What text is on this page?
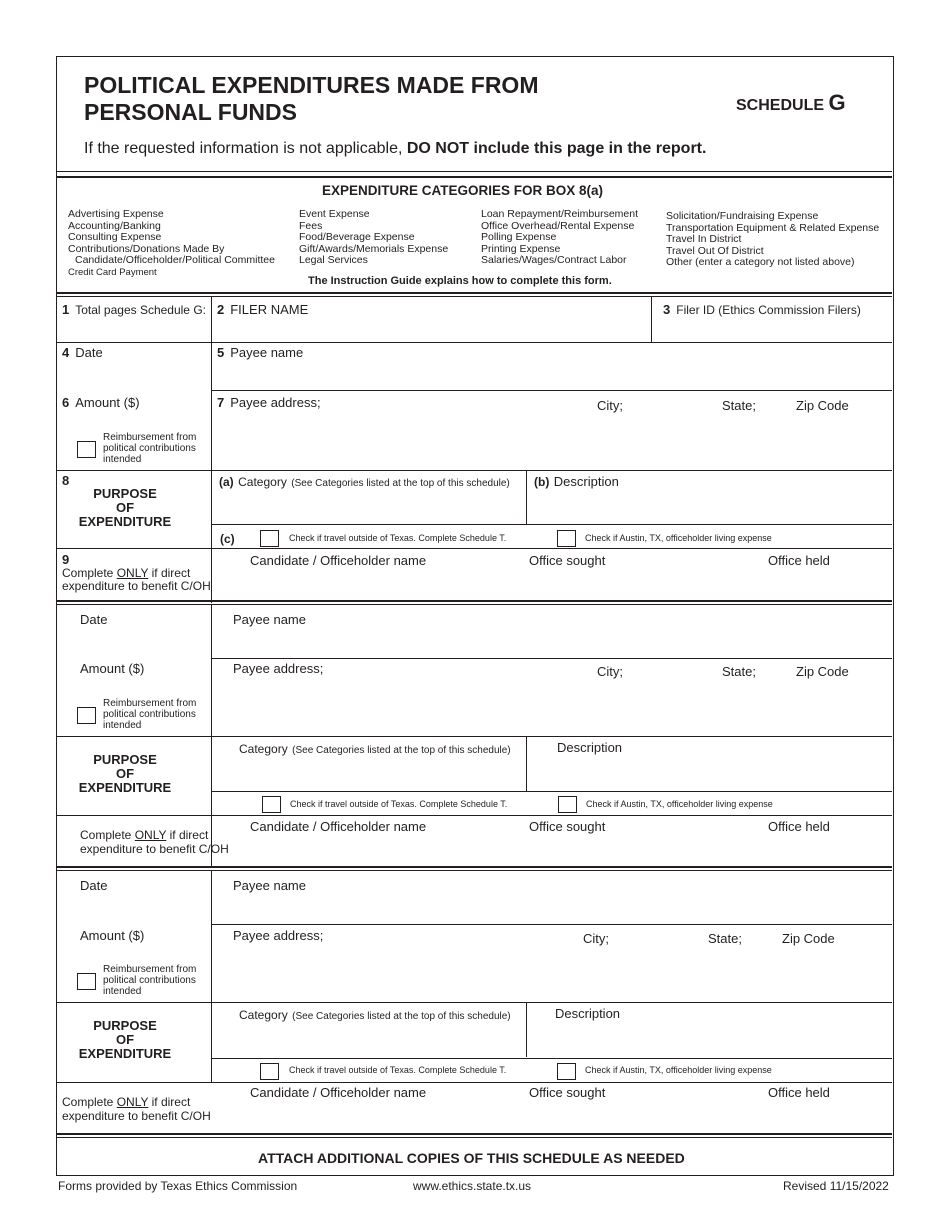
POLITICAL EXPENDITURES MADE FROM
PERSONAL FUNDS	SCHEDULE G
If the requested information is not applicable, DO NOT include this page in the report.
EXPENDITURE CATEGORIES FOR BOX 8(a)
Advertising Expense
Accounting/Banking
Consulting Expense
Contributions/Donations Made By
Candidate/Officeholder/Political Committee
Credit Card Payment
Event Expense
Fees
Food/Beverage Expense
Gift/Awards/Memorials Expense
Legal Services
Loan Repayment/Reimbursement
Office Overhead/Rental Expense
Polling Expense
Printing Expense
Salaries/Wages/Contract Labor
Solicitation/Fundraising Expense
Transportation Equipment & Related Expense
Travel In District
Travel Out Of District
Other (enter a category not listed above)
The Instruction Guide explains how to complete this form.
1 Total pages Schedule G: 2 FILER NAME	3 Filer ID (Ethics Commission Filers)
4 Date	5 Payee name
6 Amount ($)
Reimbursement from
political contributions
intended
7 Payee address;	City;	State;	Zip Code
8
PURPOSE
OF
EXPENDITURE
(a) Category (See Categories listed at the top of this schedule) (b) Description
(c)	Check if travel outside of Texas. Complete Schedule T.	Check if Austin, TX, officeholder living expense
9
Complete ONLY if direct
expenditure to benefit C/OH
Candidate / Officeholder name	Office sought	Office held
Date	Payee name
Amount ($)
Reimbursement from
political contributions
intended
Payee address;	City;	State;	Zip Code
PURPOSE
OF
EXPENDITURE
Category (See Categories listed at the top of this schedule)	Description
Check if travel outside of Texas. Complete Schedule T.	Check if Austin, TX, officeholder living expense
Complete ONLY if direct
expenditure to benefit C/OH
Candidate / Officeholder name	Office sought	Office held
Date	Payee name
Amount ($)
Reimbursement from
political contributions
intended
Payee address;	City;	State;	Zip Code
PURPOSE
OF
EXPENDITURE
Category (See Categories listed at the top of this schedule)	Description
Check if travel outside of Texas. Complete Schedule T.	Check if Austin, TX, officeholder living expense
Complete ONLY if direct
expenditure to benefit C/OH
Candidate / Officeholder name	Office sought	Office held
ATTACH ADDITIONAL COPIES OF THIS SCHEDULE AS NEEDED
Forms provided by Texas Ethics Commission	www.ethics.state.tx.us	Revised 11/15/2022
